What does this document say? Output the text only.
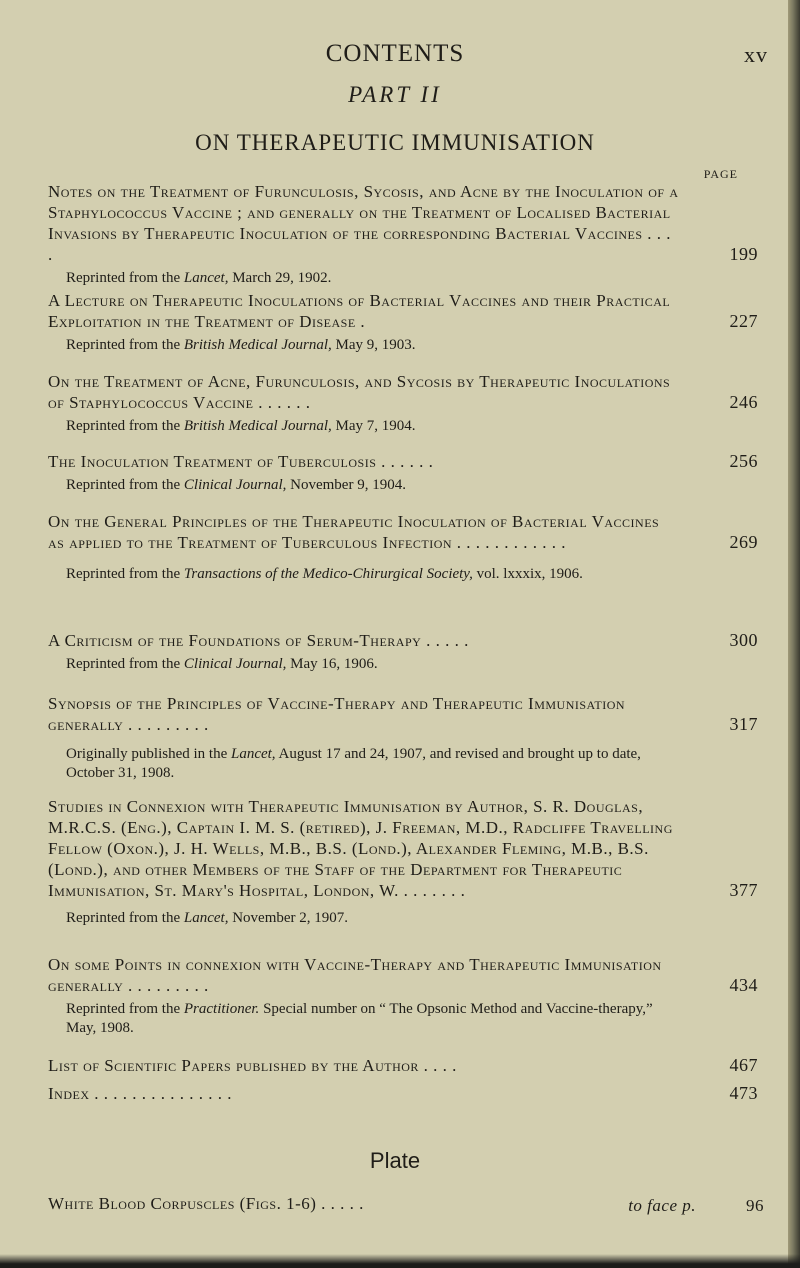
CONTENTS	xv
PART II
ON THERAPEUTIC IMMUNISATION
PAGE
Notes on the Treatment of Furunculosis, Sycosis, and Acne by the Inoculation of a Staphylococcus Vaccine ; and generally on the Treatment of Localised Bacterial Invasions by Therapeutic Inoculation of the corresponding Bacterial Vaccines . . . .	199
Reprinted from the Lancet, March 29, 1902.
A Lecture on Therapeutic Inoculations of Bacterial Vaccines and their Practical Exploitation in the Treatment of Disease .	227
Reprinted from the British Medical Journal, May 9, 1903.
On the Treatment of Acne, Furunculosis, and Sycosis by Therapeutic Inoculations of Staphylococcus Vaccine . . . . . .	246
Reprinted from the British Medical Journal, May 7, 1904.
The Inoculation Treatment of Tuberculosis . . . . . .	256
Reprinted from the Clinical Journal, November 9, 1904.
On the General Principles of the Therapeutic Inoculation of Bacterial Vaccines as applied to the Treatment of Tuberculous Infection . . . . . . . . . . . .	269
Reprinted from the Transactions of the Medico-Chirurgical Society, vol. lxxxix, 1906.
A Criticism of the Foundations of Serum-Therapy . . . . .	300
Reprinted from the Clinical Journal, May 16, 1906.
Synopsis of the Principles of Vaccine-Therapy and Therapeutic Immunisation generally . . . . . . . . .	317
Originally published in the Lancet, August 17 and 24, 1907, and revised and brought up to date, October 31, 1908.
Studies in Connexion with Therapeutic Immunisation by Author, S. R. Douglas, M.R.C.S. (Eng.), Captain I. M. S. (retired), J. Freeman, M.D., Radcliffe Travelling Fellow (Oxon.), J. H. Wells, M.B., B.S. (Lond.), Alexander Fleming, M.B., B.S. (Lond.), and other Members of the Staff of the Department for Therapeutic Immunisation, St. Mary's Hospital, London, W. . . . . . . .	377
Reprinted from the Lancet, November 2, 1907.
On some Points in connexion with Vaccine-Therapy and Therapeutic Immunisation generally . . . . . . . . .	434
Reprinted from the Practitioner. Special number on “ The Opsonic Method and Vaccine-therapy,” May, 1908.
List of Scientific Papers published by the Author . . . .	467
Index . . . . . . . . . . . . . . .	473
Plate
White Blood Corpuscles (Figs. 1-6) . . . . .	to face p.	96
